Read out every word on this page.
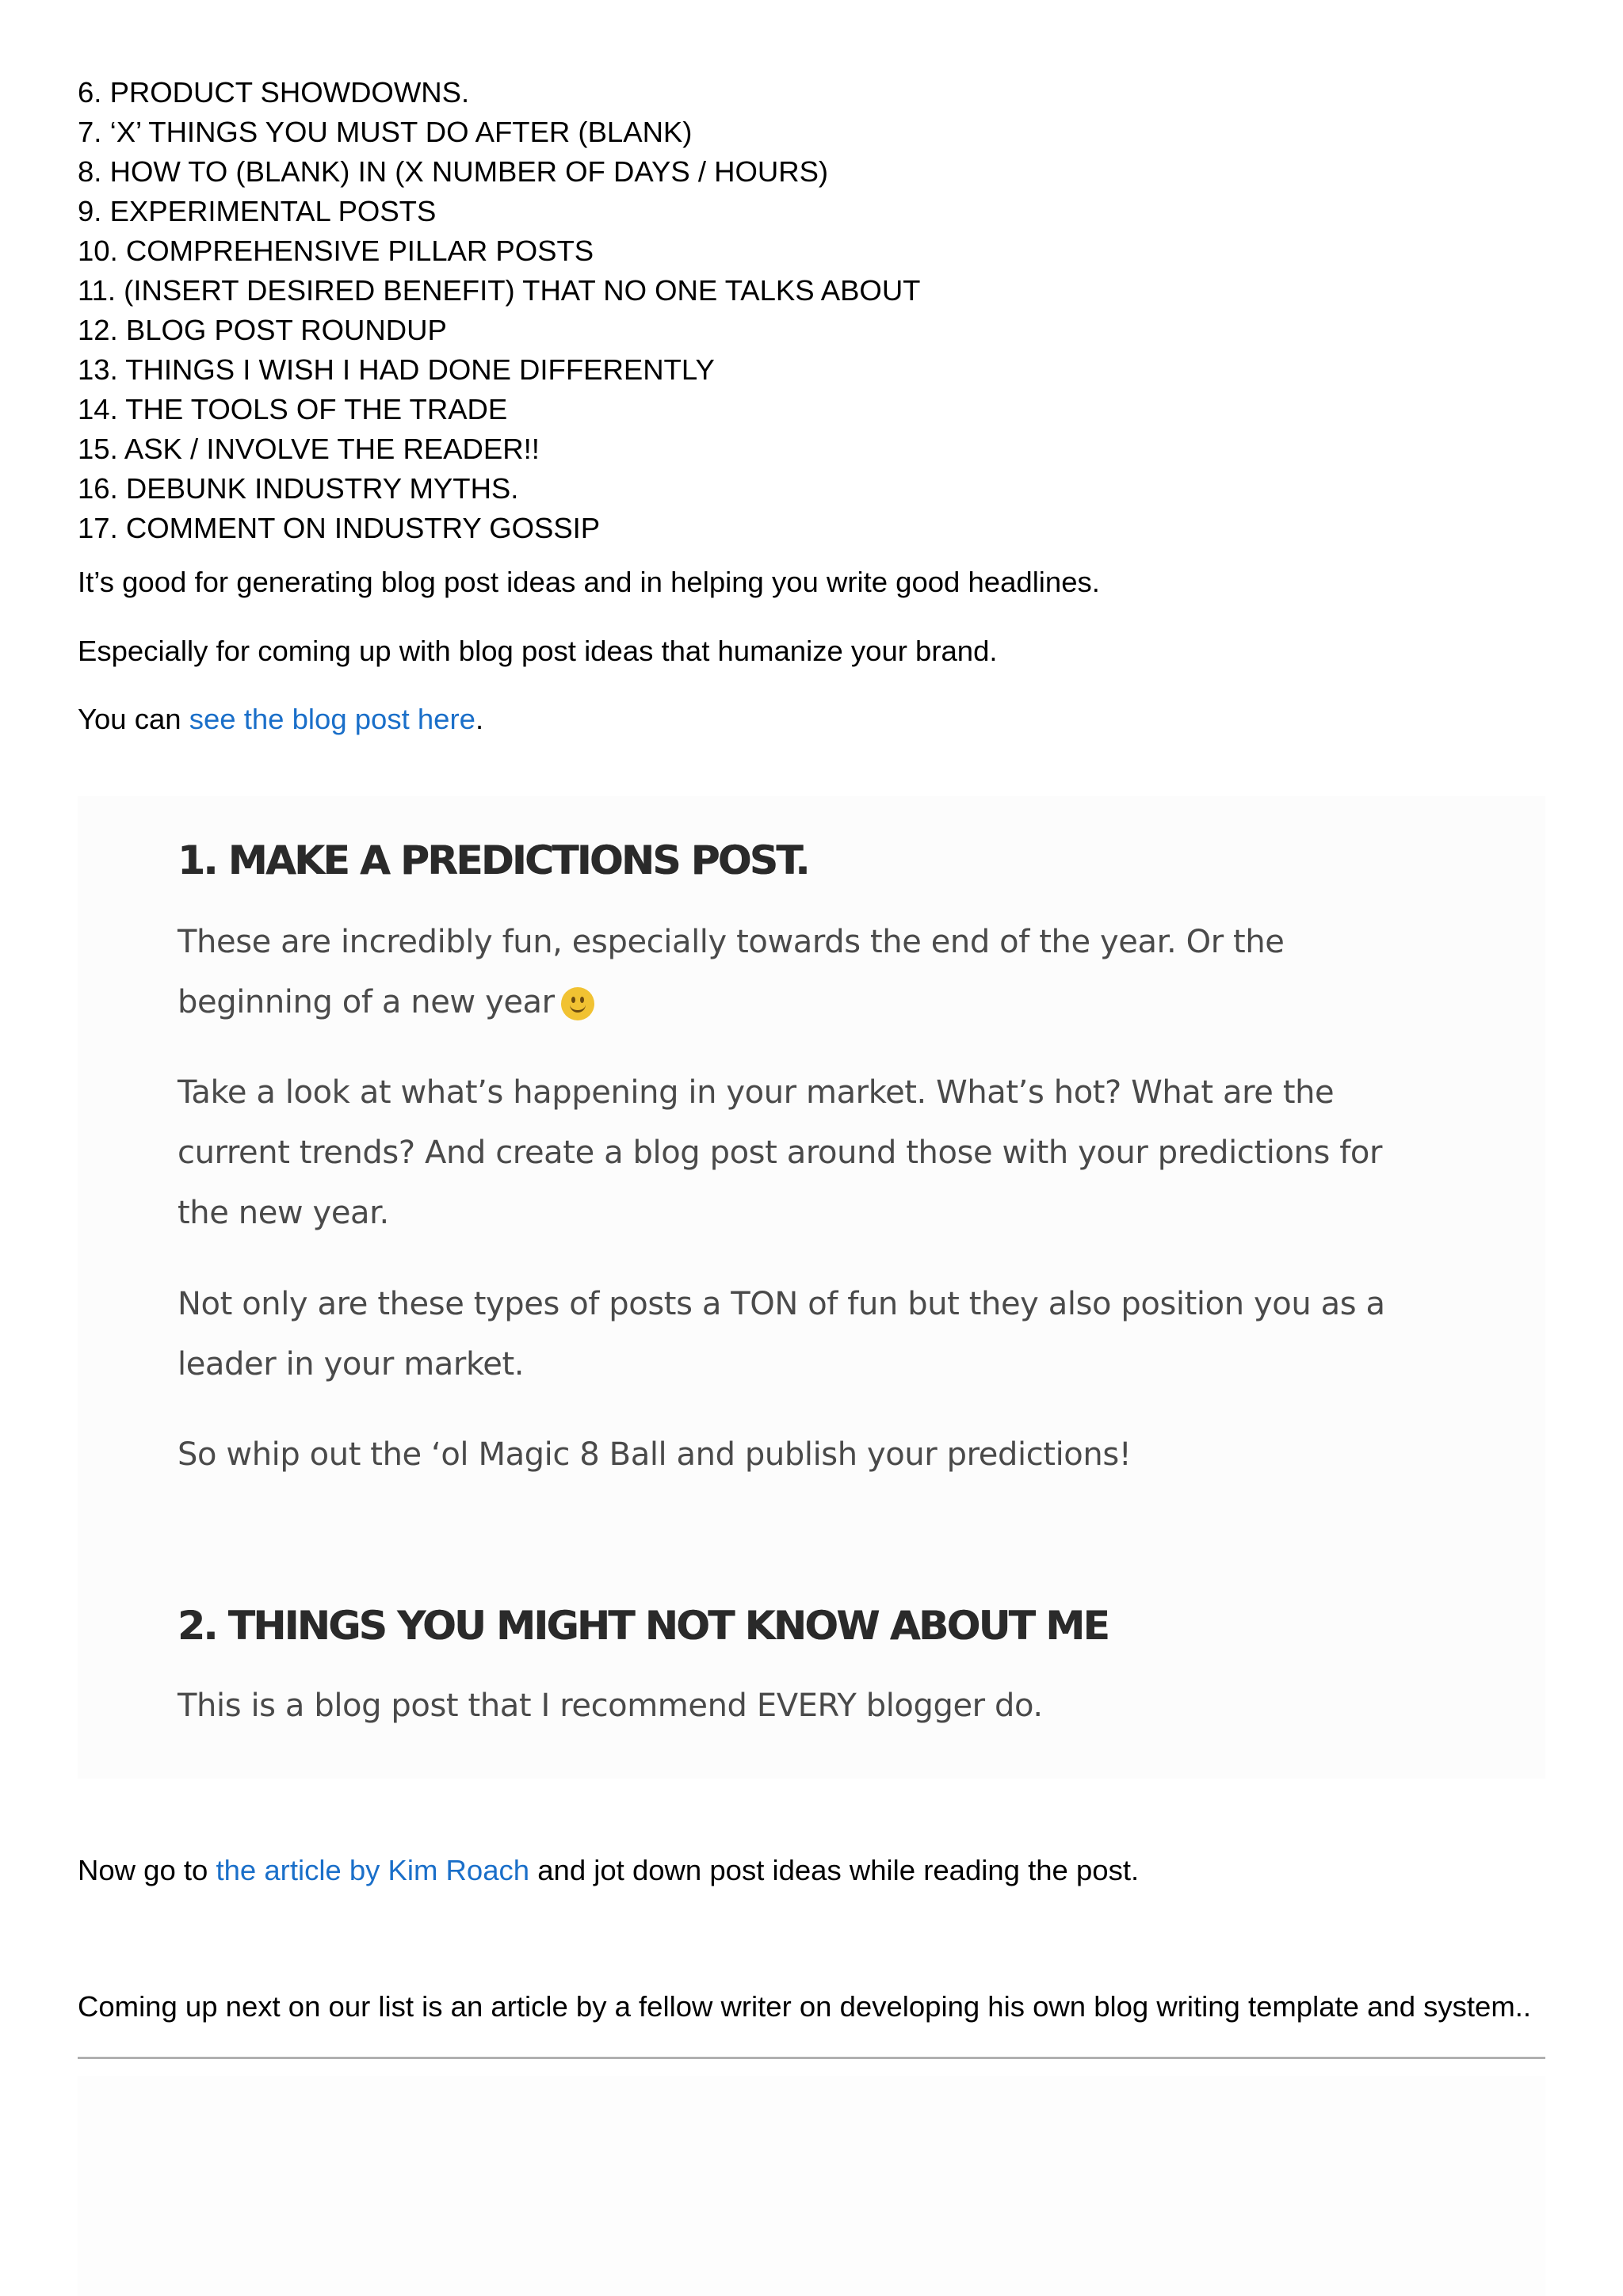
6. PRODUCT SHOWDOWNS.
7. ‘X’ THINGS YOU MUST DO AFTER (BLANK)
8. HOW TO (BLANK) IN (X NUMBER OF DAYS / HOURS)
9. EXPERIMENTAL POSTS
10. COMPREHENSIVE PILLAR POSTS
11. (INSERT DESIRED BENEFIT) THAT NO ONE TALKS ABOUT
12. BLOG POST ROUNDUP
13. THINGS I WISH I HAD DONE DIFFERENTLY
14. THE TOOLS OF THE TRADE
15. ASK / INVOLVE THE READER!!
16. DEBUNK INDUSTRY MYTHS.
17. COMMENT ON INDUSTRY GOSSIP

It’s good for generating blog post ideas and in helping you write good headlines.

Especially for coming up with blog post ideas that humanize your brand.

You can see the blog post here.

1. MAKE A PREDICTIONS POST.
These are incredibly fun, especially towards the end of the year. Or the
beginning of a new year
Take a look at what’s happening in your market. What’s hot? What are the
current trends? And create a blog post around those with your predictions for
the new year.
Not only are these types of posts a TON of fun but they also position you as a
leader in your market.
So whip out the ‘ol Magic 8 Ball and publish your predictions!
2. THINGS YOU MIGHT NOT KNOW ABOUT ME
This is a blog post that I recommend EVERY blogger do.

Now go to the article by Kim Roach and jot down post ideas while reading the post.

Coming up next on our list is an article by a fellow writer on developing his own blog writing template and system..
